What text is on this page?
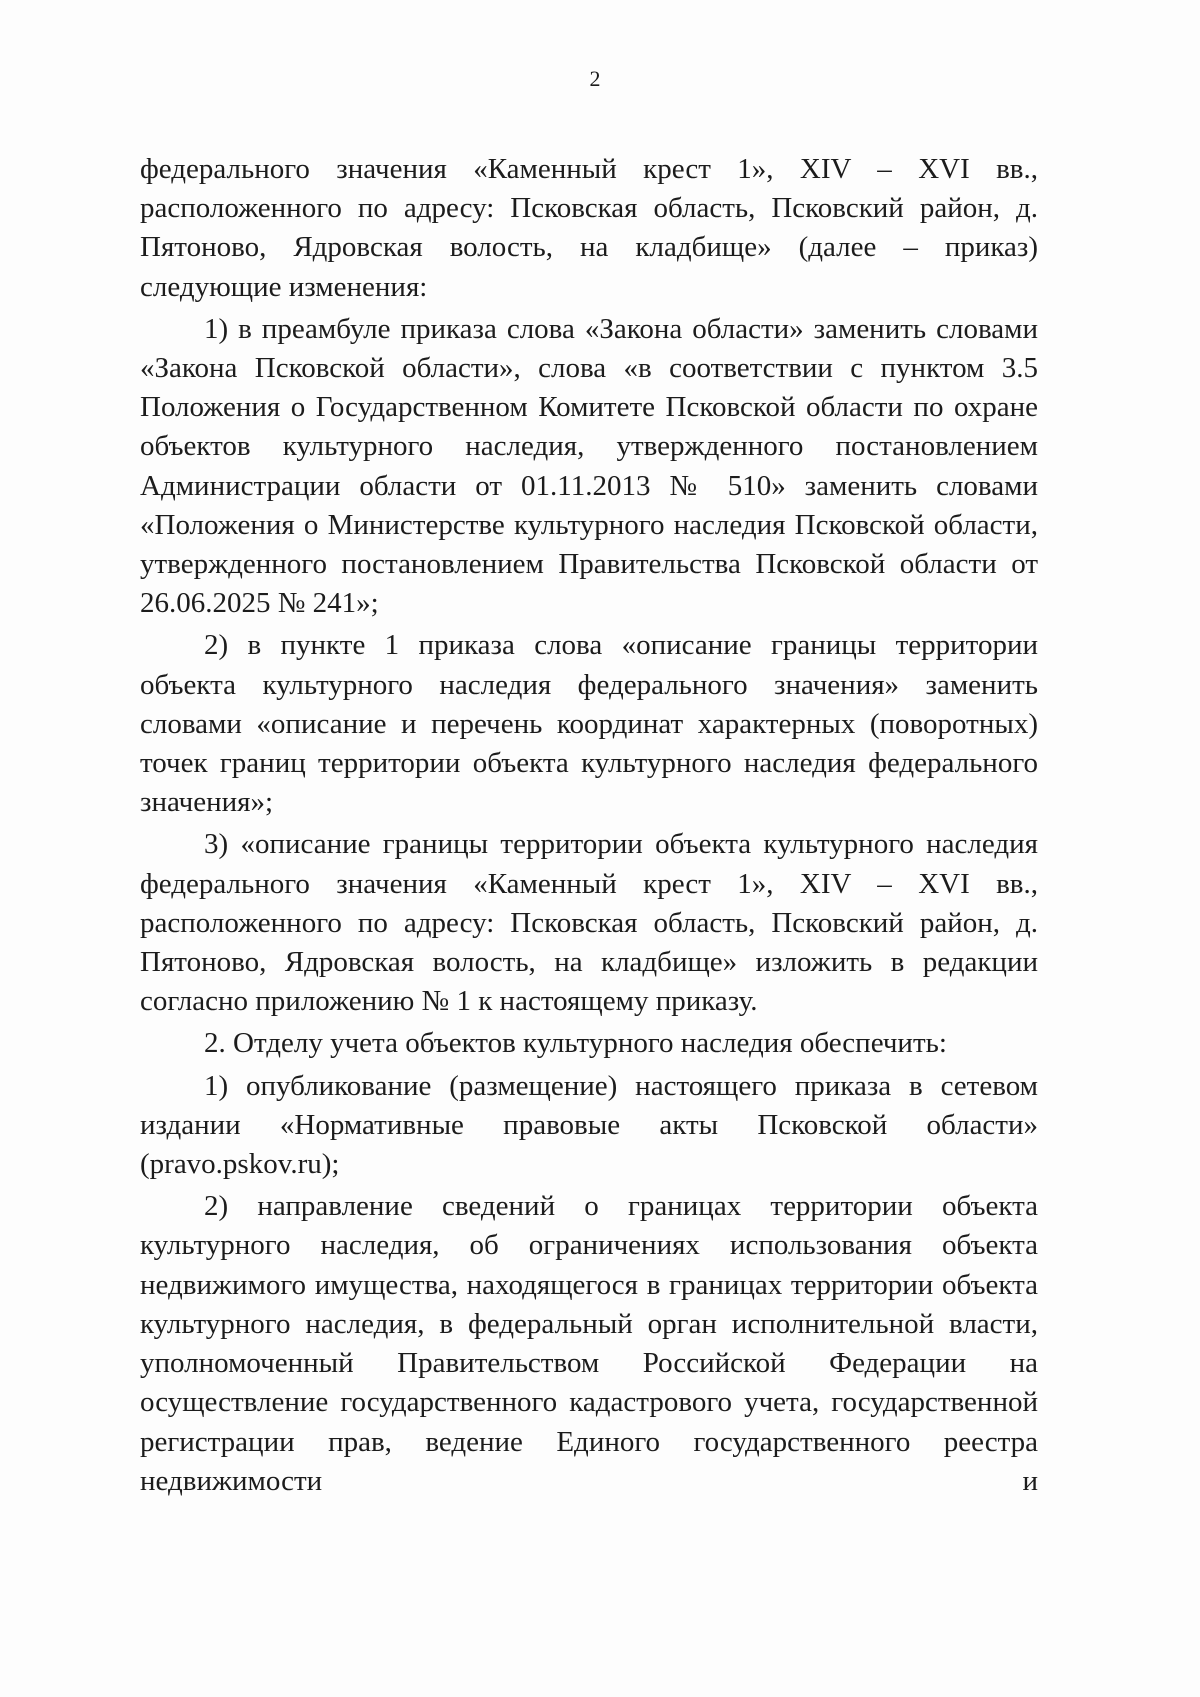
2

федерального значения «Каменный крест 1», XIV – XVI вв., расположенного по адресу: Псковская область, Псковский район, д. Пятоново, Ядровская волость, на кладбище» (далее – приказ) следующие изменения:

1) в преамбуле приказа слова «Закона области» заменить словами «Закона Псковской области», слова «в соответствии с пунктом 3.5 Положения о Государственном Комитете Псковской области по охране объектов культурного наследия, утвержденного постановлением Администрации области от 01.11.2013 № 510» заменить словами «Положения о Министерстве культурного наследия Псковской области, утвержденного постановлением Правительства Псковской области от 26.06.2025 № 241»;

2) в пункте 1 приказа слова «описание границы территории объекта культурного наследия федерального значения» заменить словами «описание и перечень координат характерных (поворотных) точек границ территории объекта культурного наследия федерального значения»;

3) «описание границы территории объекта культурного наследия федерального значения «Каменный крест 1», XIV – XVI вв., расположенного по адресу: Псковская область, Псковский район, д. Пятоново, Ядровская волость, на кладбище» изложить в редакции согласно приложению № 1 к настоящему приказу.

2. Отделу учета объектов культурного наследия обеспечить:

1) опубликование (размещение) настоящего приказа в сетевом издании «Нормативные правовые акты Псковской области» (pravo.pskov.ru);

2) направление сведений о границах территории объекта культурного наследия, об ограничениях использования объекта недвижимого имущества, находящегося в границах территории объекта культурного наследия, в федеральный орган исполнительной власти, уполномоченный Правительством Российской Федерации на осуществление государственного кадастрового учета, государственной регистрации прав, ведение Единого государственного реестра недвижимости и
